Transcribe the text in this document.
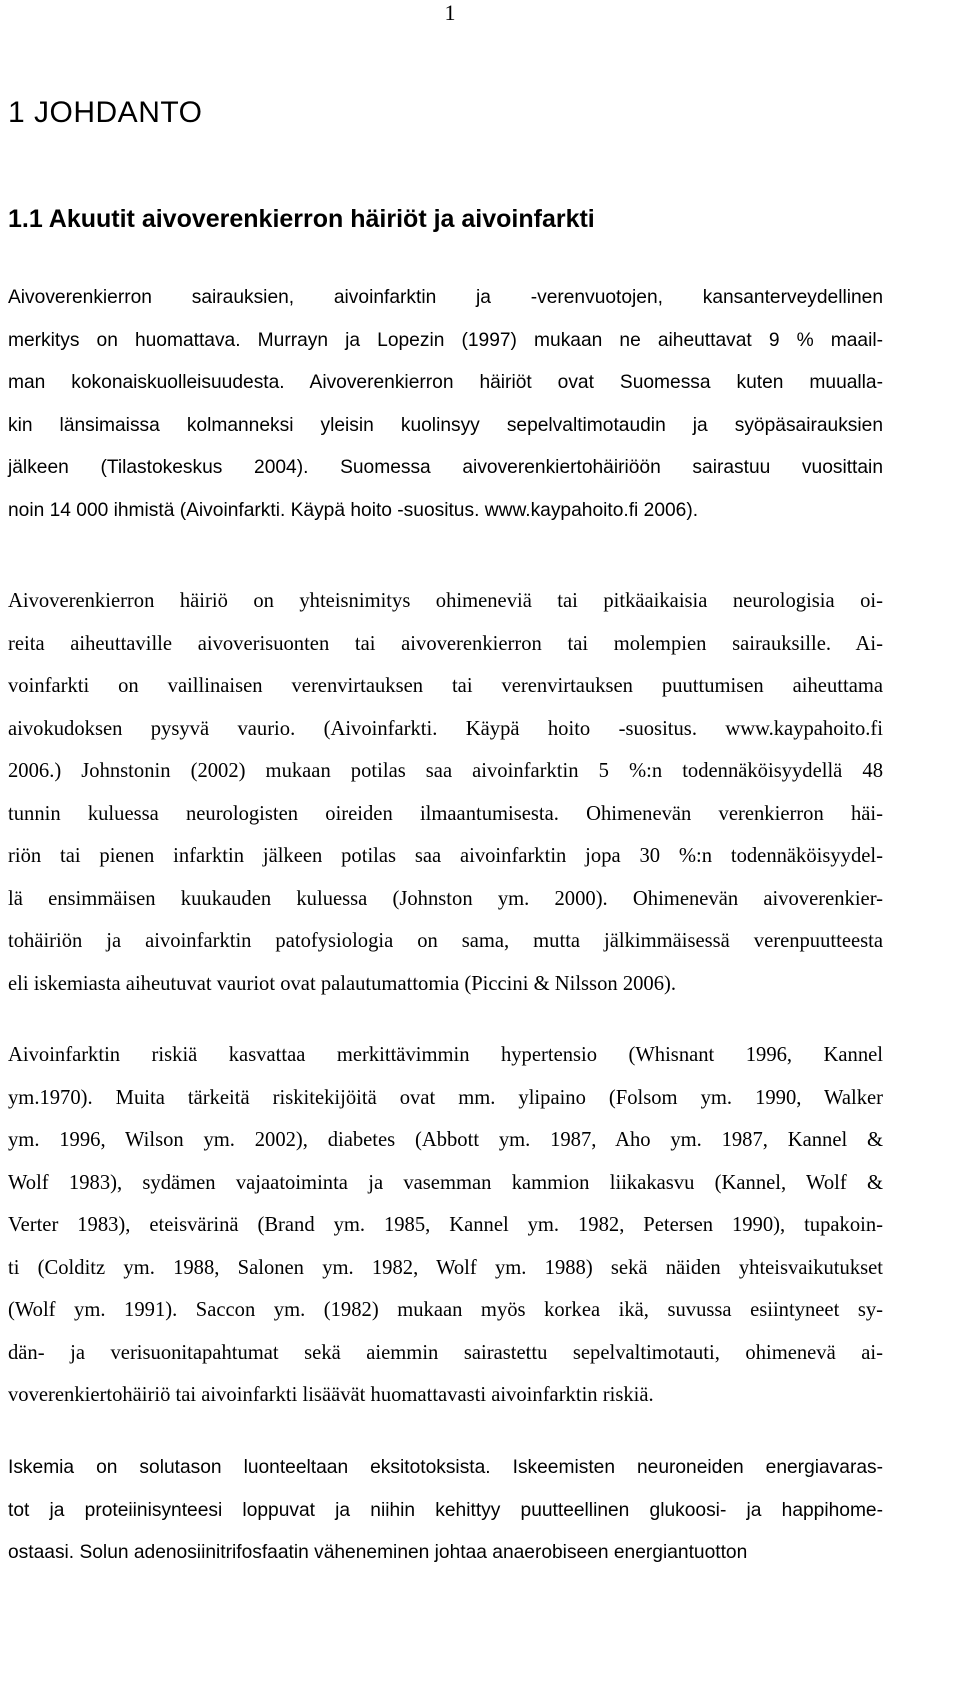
1
1 JOHDANTO
1.1 Akuutit aivoverenkierron häiriöt ja aivoinfarkti
Aivoverenkierron sairauksien, aivoinfarktin ja -verenvuotojen, kansanterveydellinen
merkitys on huomattava. Murrayn ja Lopezin (1997) mukaan ne aiheuttavat 9 % maail-
man kokonaiskuolleisuudesta. Aivoverenkierron häiriöt ovat Suomessa kuten muualla-
kin länsimaissa kolmanneksi yleisin kuolinsyy sepelvaltimotaudin ja syöpäsairauksien
jälkeen (Tilastokeskus 2004). Suomessa aivoverenkiertohäiriöön sairastuu vuosittain
noin 14 000 ihmistä (Aivoinfarkti. Käypä hoito -suositus. www.kaypahoito.fi 2006).
Aivoverenkierron häiriö on yhteisnimitys ohimeneviä tai pitkäaikaisia neurologisia oi-
reita aiheuttaville aivoverisuonten tai aivoverenkierron tai molempien sairauksille. Ai-
voinfarkti on vaillinaisen verenvirtauksen tai verenvirtauksen puuttumisen aiheuttama
aivokudoksen pysyvä vaurio. (Aivoinfarkti. Käypä hoito -suositus. www.kaypahoito.fi
2006.) Johnstonin (2002) mukaan potilas saa aivoinfarktin 5 %:n todennäköisyydellä 48
tunnin kuluessa neurologisten oireiden ilmaantumisesta. Ohimenevän verenkierron häi-
riön tai pienen infarktin jälkeen potilas saa aivoinfarktin jopa 30 %:n todennäköisyydel-
lä ensimmäisen kuukauden kuluessa (Johnston ym. 2000). Ohimenevän aivoverenkier-
tohäiriön ja aivoinfarktin patofysiologia on sama, mutta jälkimmäisessä verenpuutteesta
eli iskemiasta aiheutuvat vauriot ovat palautumattomia (Piccini & Nilsson 2006).
Aivoinfarktin riskiä kasvattaa merkittävimmin hypertensio (Whisnant 1996, Kannel
ym.1970). Muita tärkeitä riskitekijöitä ovat mm. ylipaino (Folsom ym. 1990, Walker
ym. 1996, Wilson ym. 2002), diabetes (Abbott ym. 1987, Aho ym. 1987, Kannel &
Wolf 1983), sydämen vajaatoiminta ja vasemman kammion liikakasvu (Kannel, Wolf &
Verter 1983), eteisvärinä (Brand ym. 1985, Kannel ym. 1982, Petersen 1990), tupakoin-
ti (Colditz ym. 1988, Salonen ym. 1982, Wolf ym. 1988) sekä näiden yhteisvaikutukset
(Wolf ym. 1991). Saccon ym. (1982) mukaan myös korkea ikä, suvussa esiintyneet sy-
dän- ja verisuonitapahtumat sekä aiemmin sairastettu sepelvaltimotauti, ohimenevä ai-
voverenkiertohäiriö tai aivoinfarkti lisäävät huomattavasti aivoinfarktin riskiä.
Iskemia on solutason luonteeltaan eksitotoksista. Iskeemisten neuroneiden energiavaras-
tot ja proteiinisynteesi loppuvat ja niihin kehittyy puutteellinen glukoosi- ja happihome-
ostaasi. Solun adenosiinitrifosfaatin väheneminen johtaa anaerobiseen energiantuotton
